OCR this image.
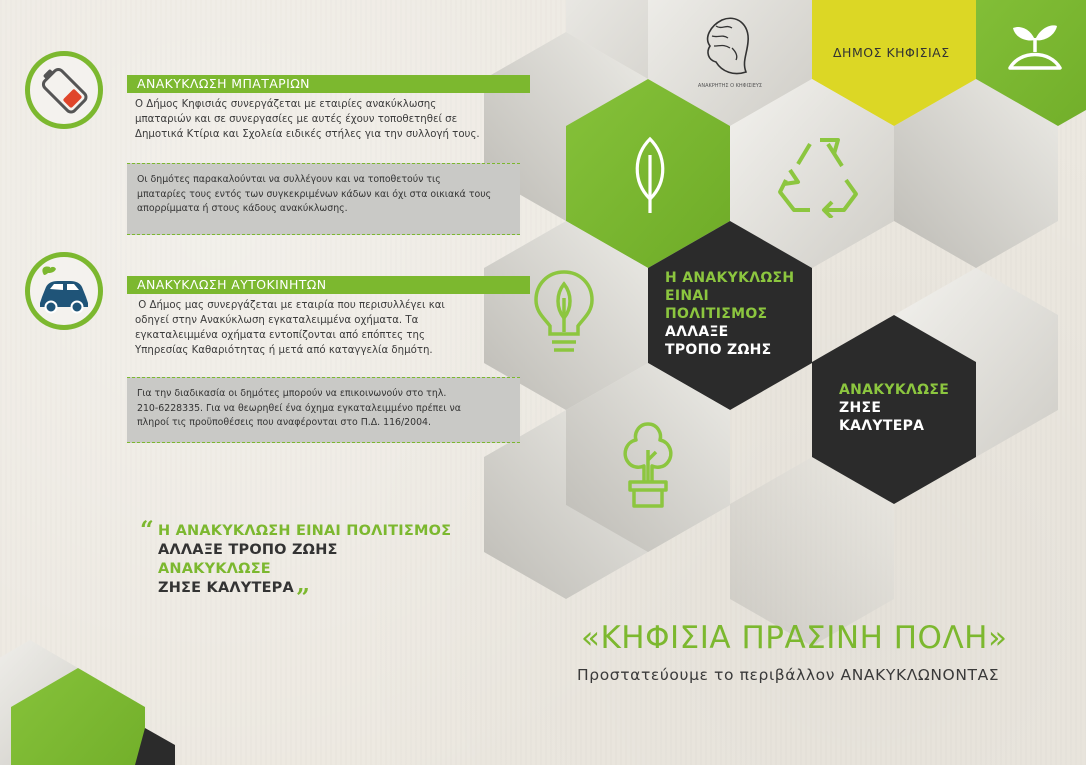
ΑΝΑΚΡΗΤΗΣ Ο ΚΗΦΙΣΙΕΥΣ
ΔΗΜΟΣ ΚΗΦΙΣΙΑΣ
Η ΑΝΑΚΥΚΛΩΣΗ
ΕΙΝΑΙ
ΠΟΛΙΤΙΣΜΟΣ
ΑΛΛΑΞΕ
ΤΡΟΠΟ ΖΩΗΣ
ΑΝΑΚΥΚΛΩΣΕ
ΖΗΣΕ
ΚΑΛΥΤΕΡΑ
ΑΝΑΚΥΚΛΩΣΗ ΜΠΑΤΑΡΙΩΝ
Ο Δήμος Κηφισιάς συνεργάζεται με εταιρίες ανακύκλωσης
μπαταριών και σε συνεργασίες με αυτές έχουν τοποθετηθεί σε
Δημοτικά Κτίρια και Σχολεία ειδικές στήλες για την συλλογή τους.
Οι δημότες παρακαλούνται να συλλέγουν και να τοποθετούν τις
μπαταρίες τους εντός των συγκεκριμένων κάδων και όχι στα οικιακά τους
απορρίμματα ή στους κάδους ανακύκλωσης.
ΑΝΑΚΥΚΛΩΣΗ ΑΥΤΟΚΙΝΗΤΩΝ
Ο Δήμος μας συνεργάζεται με εταιρία που περισυλλέγει και
οδηγεί στην Ανακύκλωση εγκαταλειμμένα οχήματα. Τα
εγκαταλειμμένα οχήματα εντοπίζονται από επόπτες της
Υπηρεσίας Καθαριότητας ή μετά από καταγγελία δημότη.
Για την διαδικασία οι δημότες μπορούν να επικοινωνούν στο τηλ.
210-6228335. Για να θεωρηθεί ένα όχημα εγκαταλειμμένο πρέπει να
πληροί τις προϋποθέσεις που αναφέρονται στο Π.Δ. 116/2004.
“ Η ΑΝΑΚΥΚΛΩΣΗ ΕΙΝΑΙ ΠΟΛΙΤΙΣΜΟΣ
ΑΛΛΑΞΕ ΤΡΟΠΟ ΖΩΗΣ
ΑΝΑΚΥΚΛΩΣΕ
ΖΗΣΕ ΚΑΛΥΤΕΡΑ ”
«ΚΗΦΙΣΙΑ ΠΡΑΣΙΝΗ ΠΟΛΗ»
Προστατεύουμε το περιβάλλον ΑΝΑΚΥΚΛΩΝΟΝΤΑΣ
